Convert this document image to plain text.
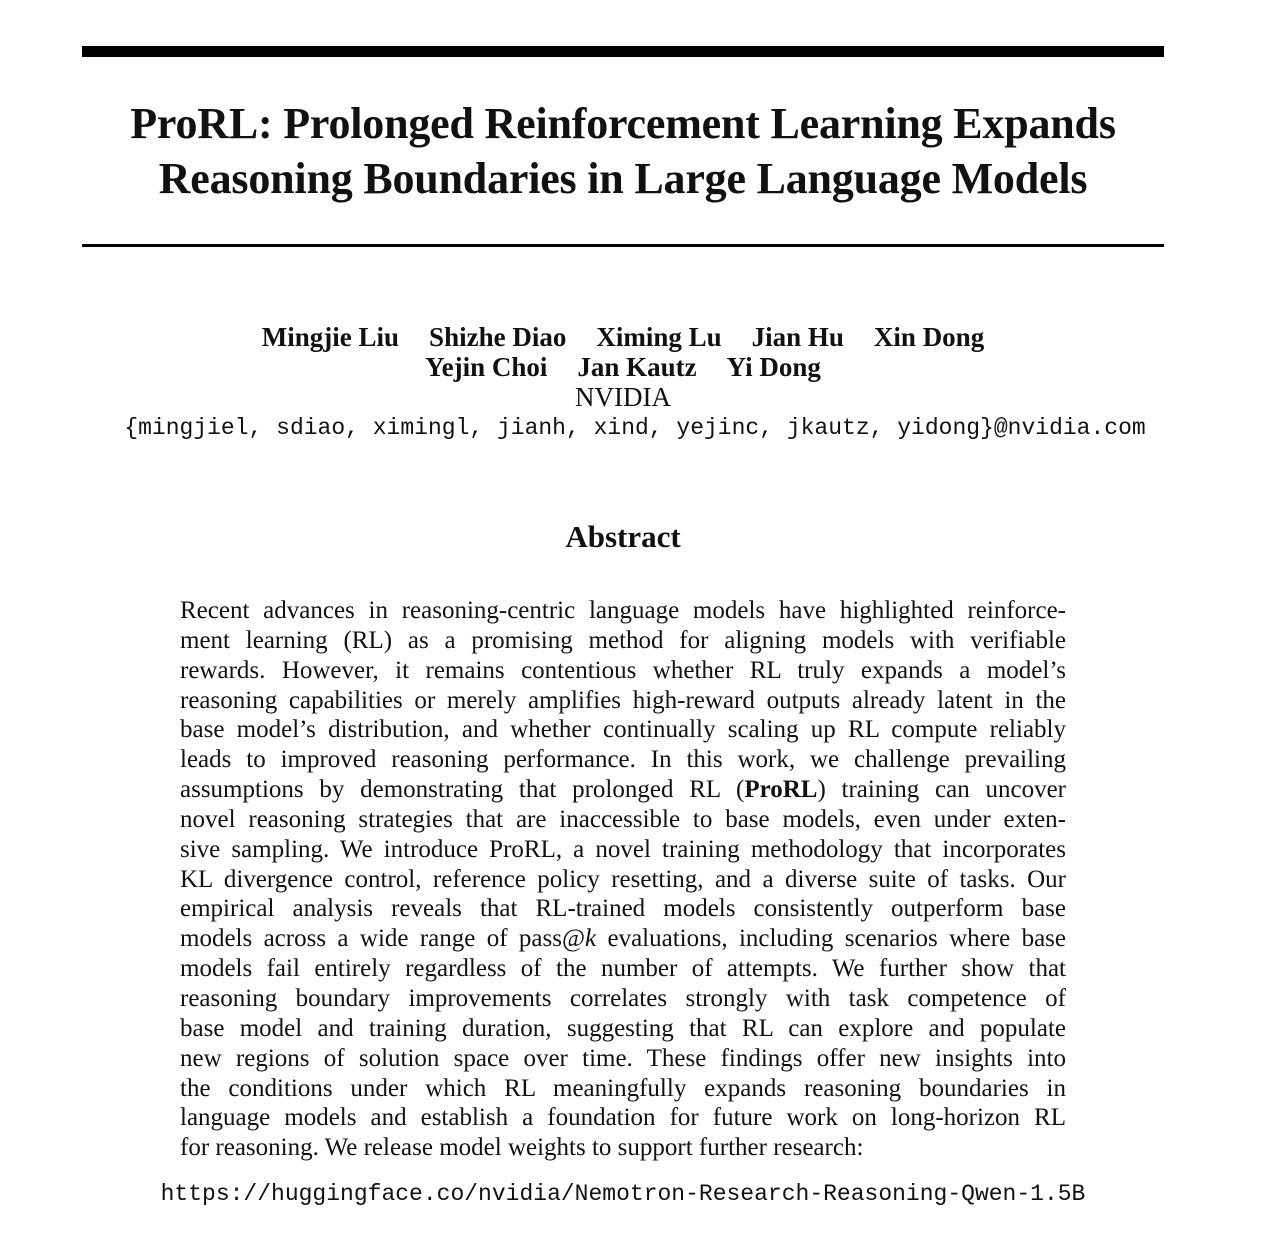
ProRL: Prolonged Reinforcement Learning Expands
Reasoning Boundaries in Large Language Models
Mingjie Liu Shizhe Diao Ximing Lu Jian Hu Xin Dong
Yejin Choi Jan Kautz Yi Dong
NVIDIA
{mingjiel, sdiao, ximingl, jianh, xind, yejinc, jkautz, yidong}@nvidia.com
Abstract
Recent advances in reasoning-centric language models have highlighted reinforce-
ment learning (RL) as a promising method for aligning models with verifiable
rewards. However, it remains contentious whether RL truly expands a model’s
reasoning capabilities or merely amplifies high-reward outputs already latent in the
base model’s distribution, and whether continually scaling up RL compute reliably
leads to improved reasoning performance. In this work, we challenge prevailing
assumptions by demonstrating that prolonged RL (ProRL) training can uncover
novel reasoning strategies that are inaccessible to base models, even under exten-
sive sampling. We introduce ProRL, a novel training methodology that incorporates
KL divergence control, reference policy resetting, and a diverse suite of tasks. Our
empirical analysis reveals that RL-trained models consistently outperform base
models across a wide range of pass@k evaluations, including scenarios where base
models fail entirely regardless of the number of attempts. We further show that
reasoning boundary improvements correlates strongly with task competence of
base model and training duration, suggesting that RL can explore and populate
new regions of solution space over time. These findings offer new insights into
the conditions under which RL meaningfully expands reasoning boundaries in
language models and establish a foundation for future work on long-horizon RL
for reasoning. We release model weights to support further research:
https://huggingface.co/nvidia/Nemotron-Research-Reasoning-Qwen-1.5B
